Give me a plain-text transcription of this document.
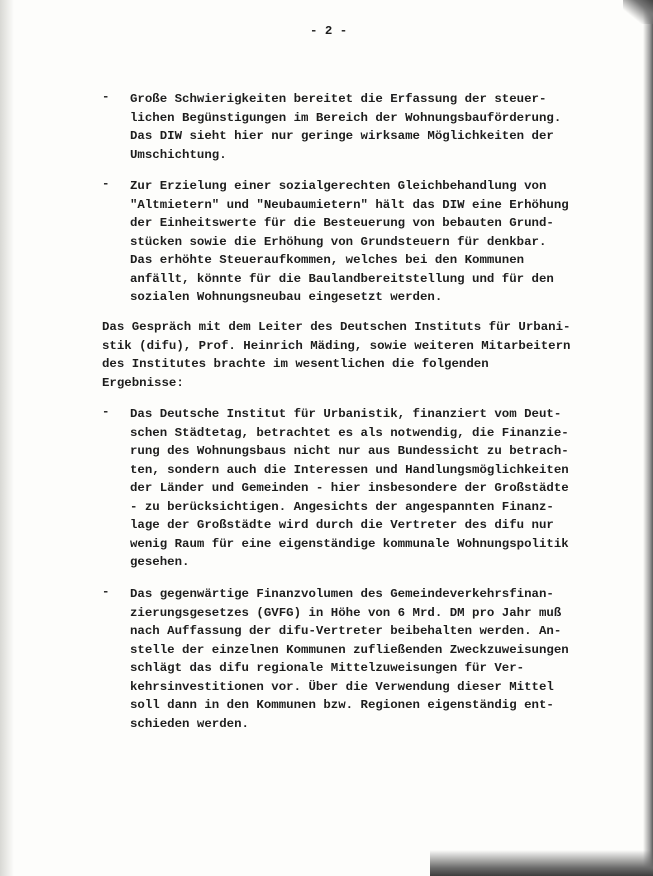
- 2 -
- Große Schwierigkeiten bereitet die Erfassung der steuer-
lichen Begünstigungen im Bereich der Wohnungsbauförderung.
Das DIW sieht hier nur geringe wirksame Möglichkeiten der
Umschichtung.
- Zur Erzielung einer sozialgerechten Gleichbehandlung von
"Altmietern" und "Neubaumietern" hält das DIW eine Erhöhung
der Einheitswerte für die Besteuerung von bebauten Grund-
stücken sowie die Erhöhung von Grundsteuern für denkbar.
Das erhöhte Steueraufkommen, welches bei den Kommunen
anfällt, könnte für die Baulandbereitstellung und für den
sozialen Wohnungsneubau eingesetzt werden.
Das Gespräch mit dem Leiter des Deutschen Instituts für Urbani-
stik (difu), Prof. Heinrich Mäding, sowie weiteren Mitarbeitern
des Institutes brachte im wesentlichen die folgenden
Ergebnisse:
- Das Deutsche Institut für Urbanistik, finanziert vom Deut-
schen Städtetag, betrachtet es als notwendig, die Finanzie-
rung des Wohnungsbaus nicht nur aus Bundessicht zu betrach-
ten, sondern auch die Interessen und Handlungsmöglichkeiten
der Länder und Gemeinden - hier insbesondere der Großstädte
- zu berücksichtigen. Angesichts der angespannten Finanz-
lage der Großstädte wird durch die Vertreter des difu nur
wenig Raum für eine eigenständige kommunale Wohnungspolitik
gesehen.
- Das gegenwärtige Finanzvolumen des Gemeindeverkehrsfinan-
zierungsgesetzes (GVFG) in Höhe von 6 Mrd. DM pro Jahr muß
nach Auffassung der difu-Vertreter beibehalten werden. An-
stelle der einzelnen Kommunen zufließenden Zweckzuweisungen
schlägt das difu regionale Mittelzuweisungen für Ver-
kehrsinvestitionen vor. Über die Verwendung dieser Mittel
soll dann in den Kommunen bzw. Regionen eigenständig ent-
schieden werden.
